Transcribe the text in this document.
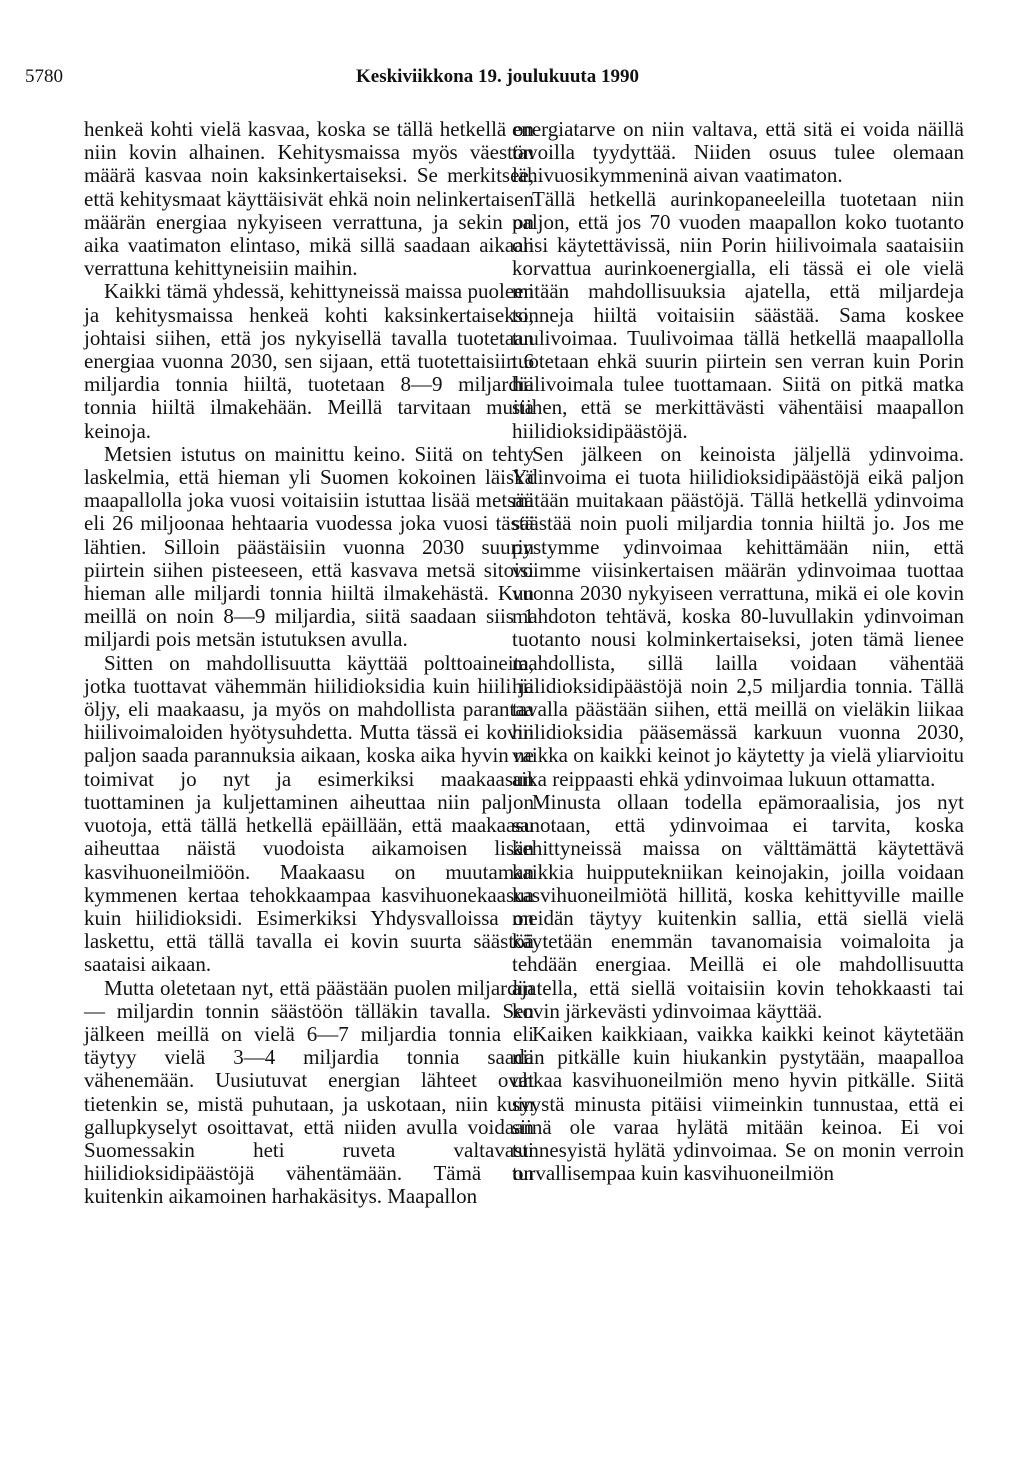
5780	Keskiviikkona 19. joulukuuta 1990

henkeä kohti vielä kasvaa, koska se tällä hetkellä on niin kovin alhainen. Kehitysmaissa myös väestön määrä kasvaa noin kaksinkertaiseksi. Se merkitsee, että kehitysmaat käyttäisivät ehkä noin nelinkertaisen määrän energiaa nykyiseen verrattuna, ja sekin on aika vaatimaton elintaso, mikä sillä saadaan aikaan verrattuna kehittyneisiin maihin.

Kaikki tämä yhdessä, kehittyneissä maissa puoleen ja kehitysmaissa henkeä kohti kaksinkertaiseksi, johtaisi siihen, että jos nykyisellä tavalla tuotetaan energiaa vuonna 2030, sen sijaan, että tuotettaisiin 6 miljardia tonnia hiiltä, tuotetaan 8—9 miljardia tonnia hiiltä ilmakehään. Meillä tarvitaan muita keinoja.

Metsien istutus on mainittu keino. Siitä on tehty laskelmia, että hieman yli Suomen kokoinen läiskä maapallolla joka vuosi voitaisiin istuttaa lisää metsää eli 26 miljoonaa hehtaaria vuodessa joka vuosi tästä lähtien. Silloin päästäisiin vuonna 2030 suurin piirtein siihen pisteeseen, että kasvava metsä sitoisi hieman alle miljardi tonnia hiiltä ilmakehästä. Kun meillä on noin 8—9 miljardia, siitä saadaan siis 1 miljardi pois metsän istutuksen avulla.

Sitten on mahdollisuutta käyttää polttoaineita, jotka tuottavat vähemmän hiilidioksidia kuin hiili ja öljy, eli maakaasu, ja myös on mahdollista parantaa hiilivoimaloiden hyötysuhdetta. Mutta tässä ei kovin paljon saada parannuksia aikaan, koska aika hyvin ne toimivat jo nyt ja esimerkiksi maakaasun tuottaminen ja kuljettaminen aiheuttaa niin paljon vuotoja, että tällä hetkellä epäillään, että maakaasu aiheuttaa näistä vuodoista aikamoisen lisän kasvihuoneilmiöön. Maakaasu on muutaman kymmenen kertaa tehokkaampaa kasvihuonekaasua kuin hiilidioksidi. Esimerkiksi Yhdysvalloissa on laskettu, että tällä tavalla ei kovin suurta säästöä saataisi aikaan.

Mutta oletetaan nyt, että päästään puolen miljardin — miljardin tonnin säästöön tälläkin tavalla. Sen jälkeen meillä on vielä 6—7 miljardia tonnia eli täytyy vielä 3—4 miljardia tonnia saada vähenemään. Uusiutuvat energian lähteet ovat tietenkin se, mistä puhutaan, ja uskotaan, niin kuin gallupkyselyt osoittavat, että niiden avulla voidaan Suomessakin heti ruveta valtavasti hiilidioksidipäästöjä vähentämään. Tämä on kuitenkin aikamoinen harhakäsitys. Maapallon

energiatarve on niin valtava, että sitä ei voida näillä tavoilla tyydyttää. Niiden osuus tulee olemaan lähivuosikymmeninä aivan vaatimaton.

Tällä hetkellä aurinkopaneeleilla tuotetaan niin paljon, että jos 70 vuoden maapallon koko tuotanto olisi käytettävissä, niin Porin hiilivoimala saataisiin korvattua aurinkoenergialla, eli tässä ei ole vielä mitään mahdollisuuksia ajatella, että miljardeja tonneja hiiltä voitaisiin säästää. Sama koskee tuulivoimaa. Tuulivoimaa tällä hetkellä maapallolla tuotetaan ehkä suurin piirtein sen verran kuin Porin hiilivoimala tulee tuottamaan. Siitä on pitkä matka siihen, että se merkittävästi vähentäisi maapallon hiilidioksidipäästöjä.

Sen jälkeen on keinoista jäljellä ydinvoima. Ydinvoima ei tuota hiilidioksidipäästöjä eikä paljon mitään muitakaan päästöjä. Tällä hetkellä ydinvoima säästää noin puoli miljardia tonnia hiiltä jo. Jos me pystymme ydinvoimaa kehittämään niin, että voimme viisinkertaisen määrän ydinvoimaa tuottaa vuonna 2030 nykyiseen verrattuna, mikä ei ole kovin mahdoton tehtävä, koska 80-luvullakin ydinvoiman tuotanto nousi kolminkertaiseksi, joten tämä lienee mahdollista, sillä lailla voidaan vähentää hiilidioksidipäästöjä noin 2,5 miljardia tonnia. Tällä tavalla päästään siihen, että meillä on vieläkin liikaa hiilidioksidia pääsemässä karkuun vuonna 2030, vaikka on kaikki keinot jo käytetty ja vielä yliarvioitu aika reippaasti ehkä ydinvoimaa lukuun ottamatta.

Minusta ollaan todella epämoraalisia, jos nyt sanotaan, että ydinvoimaa ei tarvita, koska kehittyneissä maissa on välttämättä käytettävä kaikkia huipputekniikan keinojakin, joilla voidaan kasvihuoneilmiötä hillitä, koska kehittyville maille meidän täytyy kuitenkin sallia, että siellä vielä käytetään enemmän tavanomaisia voimaloita ja tehdään energiaa. Meillä ei ole mahdollisuutta ajatella, että siellä voitaisiin kovin tehokkaasti tai kovin järkevästi ydinvoimaa käyttää.

Kaiken kaikkiaan, vaikka kaikki keinot käytetään niin pitkälle kuin hiukankin pystytään, maapalloa uhkaa kasvihuoneilmiön meno hyvin pitkälle. Siitä syystä minusta pitäisi viimeinkin tunnustaa, että ei siinä ole varaa hylätä mitään keinoa. Ei voi tunnesyistä hylätä ydinvoimaa. Se on monin verroin turvallisempaa kuin kasvihuoneilmiön
